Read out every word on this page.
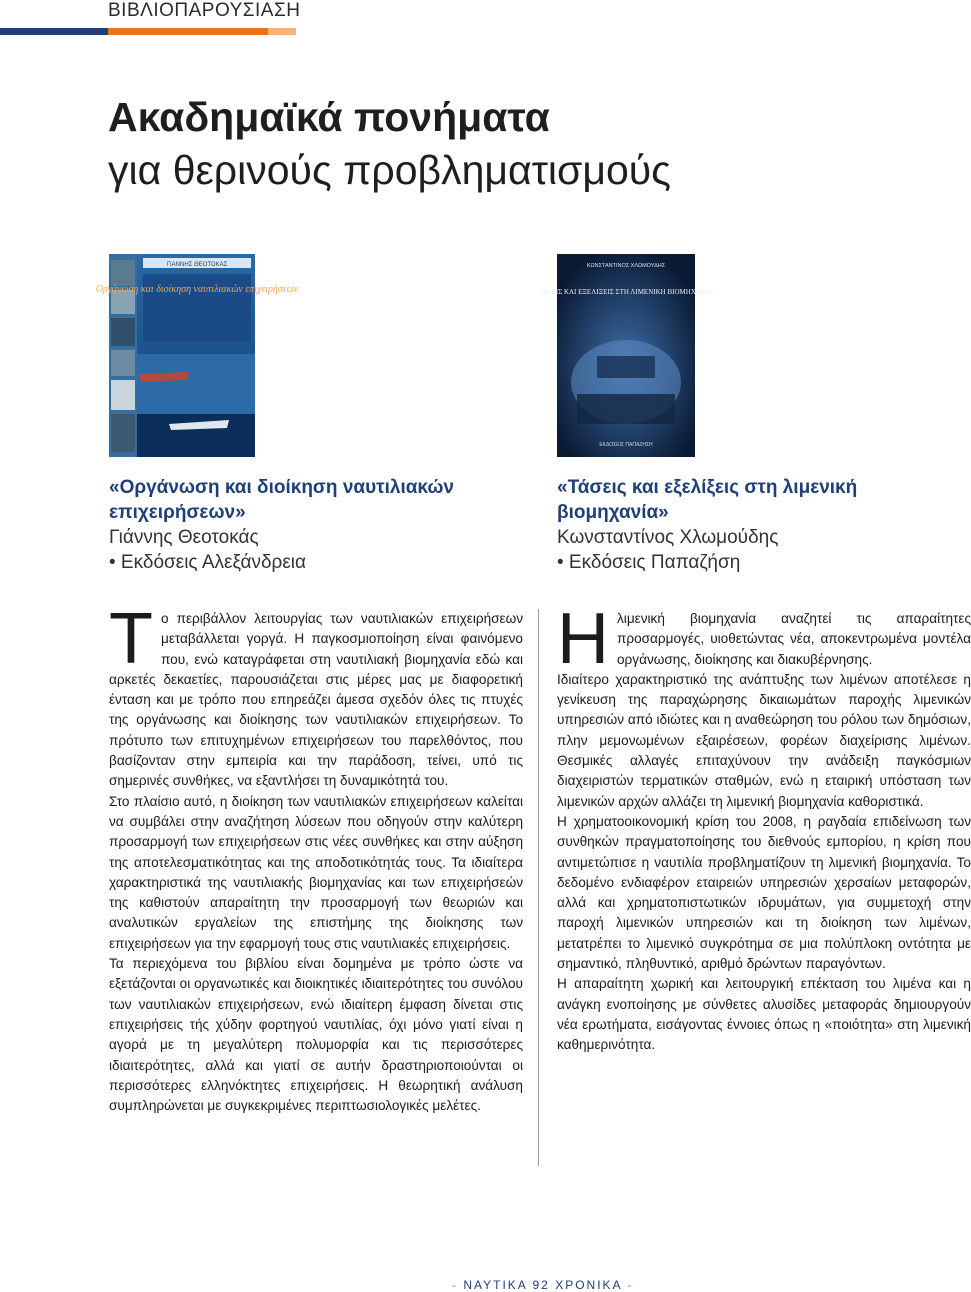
ΒΙΒΛΙΟΠΑΡΟΥΣΙΑΣΗ
Ακαδημαϊκά πονήματα
για θερινούς προβληματισμούς
ΓΙΑΝΝΗΣ ΘΕΟΤΟΚΑΣ
Οργάνωση και διοίκηση ναυτιλιακών επιχειρήσεων
ΚΩΝΣΤΑΝΤΙΝΟΣ ΧΛΩΜΟΥΔΗΣ
ΤΑΣΕΙΣ ΚΑΙ ΕΞΕΛΙΞΕΙΣ ΣΤΗ ΛΙΜΕΝΙΚΗ ΒΙΟΜΗΧΑΝΙΑ
ΕΚΔΟΣΕΙΣ ΠΑΠΑΖΗΣΗ
«Οργάνωση και διοίκηση ναυτιλιακών επιχειρήσεων»
Γιάννης Θεοτοκάς
• Εκδόσεις Αλεξάνδρεια
«Τάσεις και εξελίξεις στη λιμενική βιομηχανία»
Κωνσταντίνος Χλωμούδης
• Εκδόσεις Παπαζήση

Το περιβάλλον λειτουργίας των ναυτιλιακών επιχειρήσεων μεταβάλλεται γοργά. Η παγκοσμιοποίηση είναι φαινόμενο που, ενώ καταγράφεται στη ναυτιλιακή βιομηχανία εδώ και αρκετές δεκαετίες, παρουσιάζεται στις μέρες μας με διαφορετική ένταση και με τρόπο που επηρεάζει άμεσα σχεδόν όλες τις πτυχές της οργάνωσης και διοίκησης των ναυτιλιακών επιχειρήσεων. Το πρότυπο των επιτυχημένων επιχειρήσεων του παρελθόντος, που βασίζονταν στην εμπειρία και την παράδοση, τείνει, υπό τις σημερινές συνθήκες, να εξαντλήσει τη δυναμικότητά του.

Στο πλαίσιο αυτό, η διοίκηση των ναυτιλιακών επιχειρήσεων καλείται να συμβάλει στην αναζήτηση λύσεων που οδηγούν στην καλύτερη προσαρμογή των επιχειρήσεων στις νέες συνθήκες και στην αύξηση της αποτελεσματικότητας και της αποδοτικότητάς τους. Τα ιδιαίτερα χαρακτηριστικά της ναυτιλιακής βιομηχανίας και των επιχειρήσεών της καθιστούν απαραίτητη την προσαρμογή των θεωριών και αναλυτικών εργαλείων της επιστήμης της διοίκησης των επιχειρήσεων για την εφαρμογή τους στις ναυτιλιακές επιχειρήσεις.

Τα περιεχόμενα του βιβλίου είναι δομημένα με τρόπο ώστε να εξετάζονται οι οργανωτικές και διοικητικές ιδιαιτερότητες του συνόλου των ναυτιλιακών επιχειρήσεων, ενώ ιδιαίτερη έμφαση δίνεται στις επιχειρήσεις τής χύδην φορτηγού ναυτιλίας, όχι μόνο γιατί είναι η αγορά με τη μεγαλύτερη πολυμορφία και τις περισσότερες ιδιαιτερότητες, αλλά και γιατί σε αυτήν δραστηριοποιούνται οι περισσότερες ελληνόκτητες επιχειρήσεις. Η θεωρητική ανάλυση συμπληρώνεται με συγκεκριμένες περιπτωσιολογικές μελέτες.

Ηλιμενική βιομηχανία αναζητεί τις απαραίτητες προσαρμογές, υιοθετώντας νέα, αποκεντρωμένα μοντέλα οργάνωσης, διοίκησης και διακυβέρνησης.

Ιδιαίτερο χαρακτηριστικό της ανάπτυξης των λιμένων αποτέλεσε η γενίκευση της παραχώρησης δικαιωμάτων παροχής λιμενικών υπηρεσιών από ιδιώτες και η αναθεώρηση του ρόλου των δημόσιων, πλην μεμονωμένων εξαιρέσεων, φορέων διαχείρισης λιμένων. Θεσμικές αλλαγές επιταχύνουν την ανάδειξη παγκόσμιων διαχειριστών τερματικών σταθμών, ενώ η εταιρική υπόσταση των λιμενικών αρχών αλλάζει τη λιμενική βιομηχανία καθοριστικά.

Η χρηματοοικονομική κρίση του 2008, η ραγδαία επιδείνωση των συνθηκών πραγματοποίησης του διεθνούς εμπορίου, η κρίση που αντιμετώπισε η ναυτιλία προβληματίζουν τη λιμενική βιομηχανία. Το δεδομένο ενδιαφέρον εταιρειών υπηρεσιών χερσαίων μεταφορών, αλλά και χρηματοπιστωτικών ιδρυμάτων, για συμμετοχή στην παροχή λιμενικών υπηρεσιών και τη διοίκηση των λιμένων, μετατρέπει το λιμενικό συγκρότημα σε μια πολύπλοκη οντότητα με σημαντικό, πληθυντικό, αριθμό δρώντων παραγόντων.

Η απαραίτητη χωρική και λειτουργική επέκταση του λιμένα και η ανάγκη ενοποίησης με σύνθετες αλυσίδες μεταφοράς δημιουργούν νέα ερωτήματα, εισάγοντας έννοιες όπως η «ποιότητα» στη λιμενική καθημερινότητα.

- ΝΑΥΤΙΚΑ 92 ΧΡΟΝΙΚΑ -
